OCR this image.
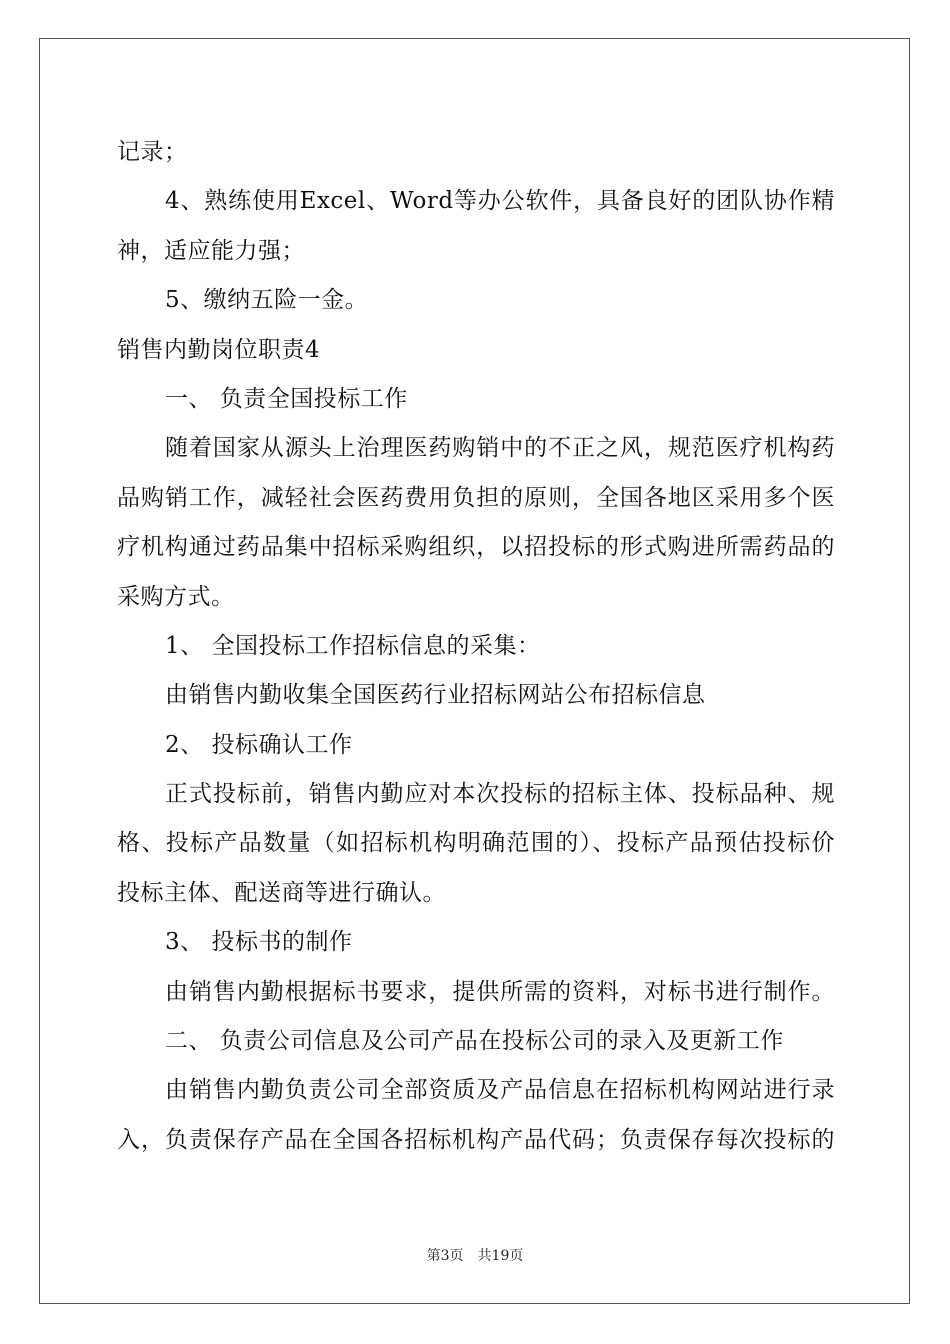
记录；
4、熟练使用Excel、Word等办公软件，具备良好的团队协作精
神，适应能力强；
5、缴纳五险一金。
销售内勤岗位职责4
一、 负责全国投标工作
随着国家从源头上治理医药购销中的不正之风，规范医疗机构药
品购销工作，减轻社会医药费用负担的原则，全国各地区采用多个医
疗机构通过药品集中招标采购组织，以招投标的形式购进所需药品的
采购方式。
1、 全国投标工作招标信息的采集：
由销售内勤收集全国医药行业招标网站公布招标信息
2、 投标确认工作
正式投标前，销售内勤应对本次投标的招标主体、投标品种、规
格、投标产品数量（如招标机构明确范围的）、投标产品预估投标价
投标主体、配送商等进行确认。
3、 投标书的制作
由销售内勤根据标书要求，提供所需的资料，对标书进行制作。
二、 负责公司信息及公司产品在投标公司的录入及更新工作
由销售内勤负责公司全部资质及产品信息在招标机构网站进行录
入，负责保存产品在全国各招标机构产品代码；负责保存每次投标的
第3页 共19页
